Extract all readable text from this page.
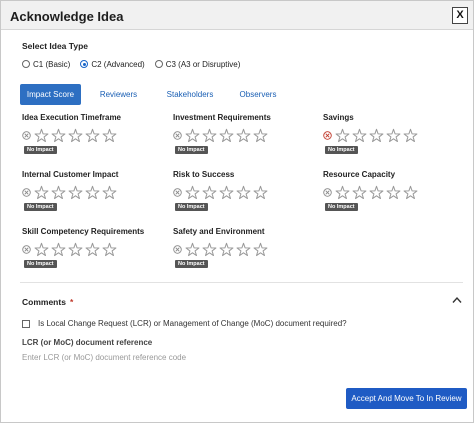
Acknowledge Idea	X
Select Idea Type
C1 (Basic)	C2 (Advanced)	C3 (A3 or Disruptive)
Impact Score	Reviewers	Stakeholders	Observers
Idea Execution Timeframe
No Impact
Investment Requirements
No Impact
Savings
No Impact
Internal Customer Impact
No Impact
Risk to Success
No Impact
Resource Capacity
No Impact
Skill Competency Requirements
No Impact
Safety and Environment
No Impact
Comments *
Is Local Change Request (LCR) or Management of Change (MoC) document required?
LCR (or MoC) document reference
Enter LCR (or MoC) document reference code
Accept And Move To In Review
